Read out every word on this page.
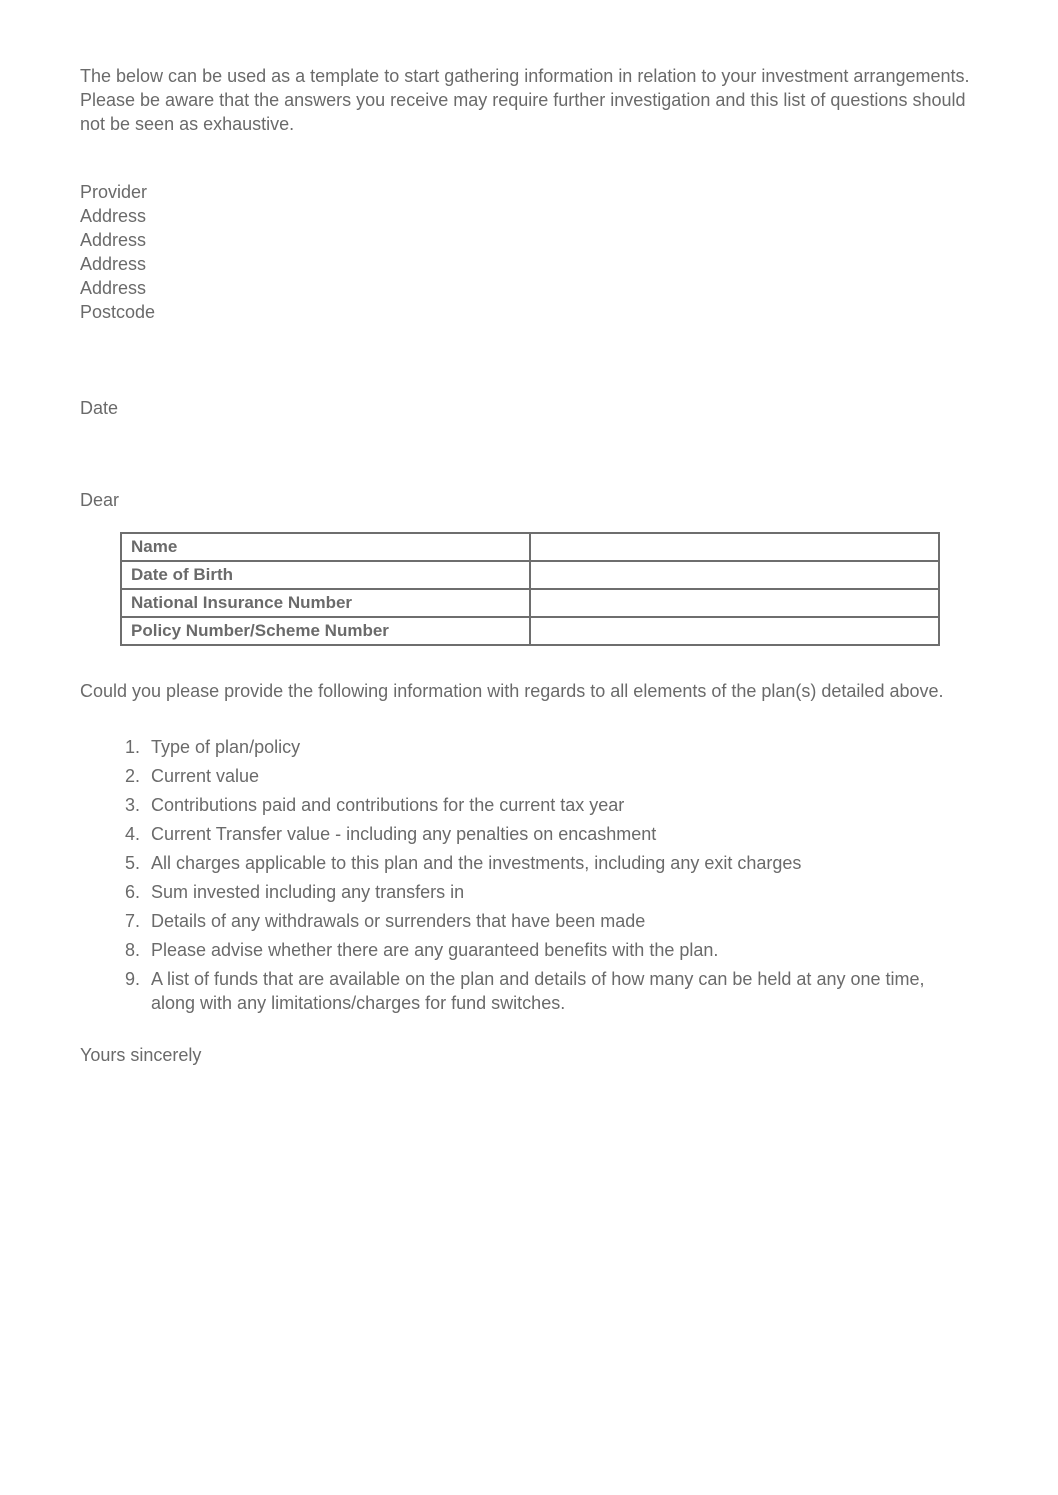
The below can be used as a template to start gathering information in relation to your investment arrangements. Please be aware that the answers you receive may require further investigation and this list of questions should not be seen as exhaustive.

Provider
Address
Address
Address
Address
Postcode
Date
Dear
Name	
Date of Birth	
National Insurance Number	
Policy Number/Scheme Number	

Could you please provide the following information with regards to all elements of the plan(s) detailed above.

1. Type of plan/policy
2. Current value
3. Contributions paid and contributions for the current tax year
4. Current Transfer value - including any penalties on encashment
5. All charges applicable to this plan and the investments, including any exit charges
6. Sum invested including any transfers in
7. Details of any withdrawals or surrenders that have been made
8. Please advise whether there are any guaranteed benefits with the plan.
9. A list of funds that are available on the plan and details of how many can be held at any one time, along with any limitations/charges for fund switches.
Yours sincerely
